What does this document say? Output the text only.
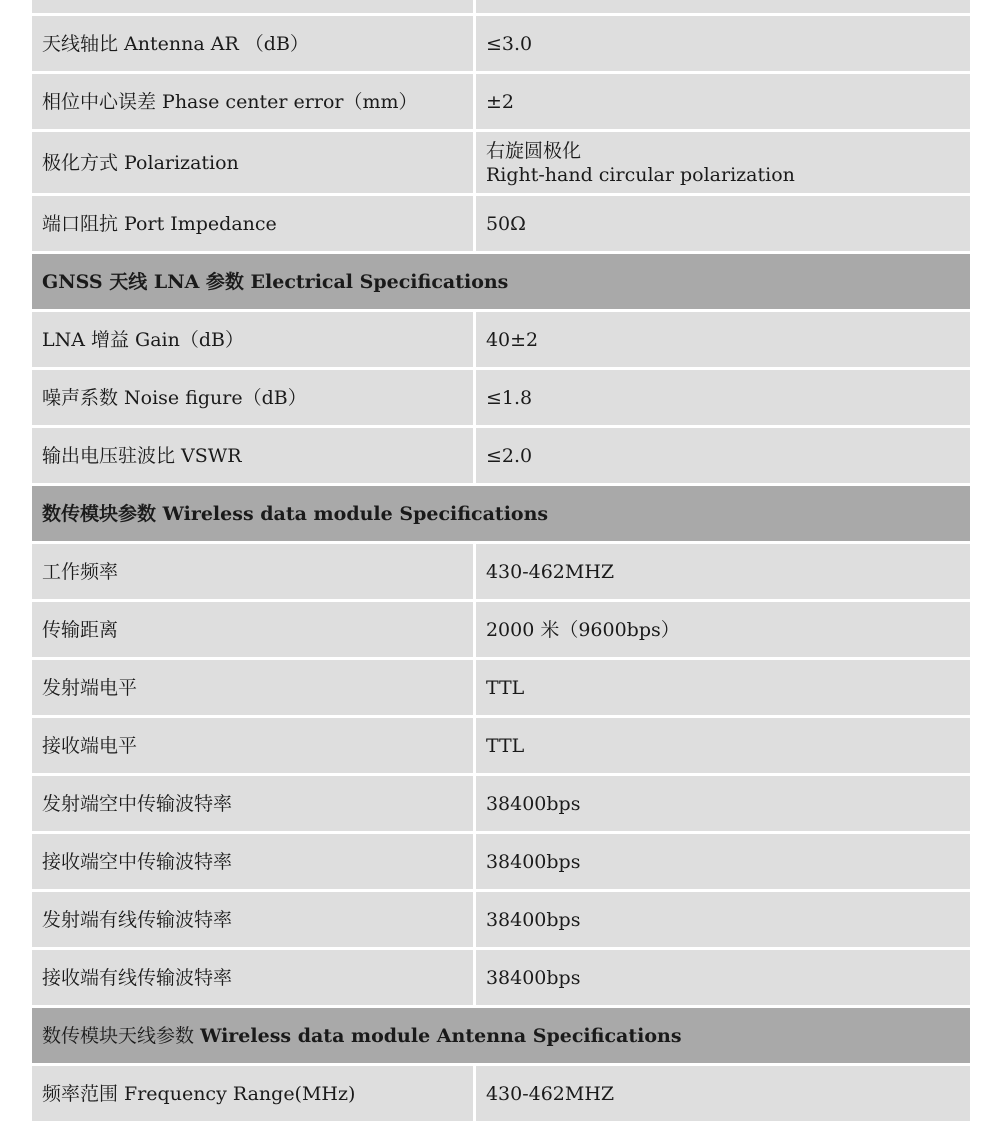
天线轴比 Antenna AR （dB）	≤3.0
相位中心误差 Phase center error（mm）	±2
极化方式 Polarization	右旋圆极化
Right-hand circular polarization

端口阻抗 Port Impedance	50Ω
GNSS 天线 LNA 参数 Electrical Specifications	
LNA 增益 Gain（dB）	40±2
噪声系数 Noise figure（dB）	≤1.8
输出电压驻波比 VSWR	≤2.0
数传模块参数 Wireless data module Specifications	
工作频率	430-462MHZ
传输距离	2000 米（9600bps）
发射端电平	TTL
接收端电平	TTL
发射端空中传输波特率	38400bps
接收端空中传输波特率	38400bps
发射端有线传输波特率	38400bps
接收端有线传输波特率	38400bps
数传模块天线参数 Wireless data module Antenna Specifications	
频率范围 Frequency Range(MHz)	430-462MHZ
